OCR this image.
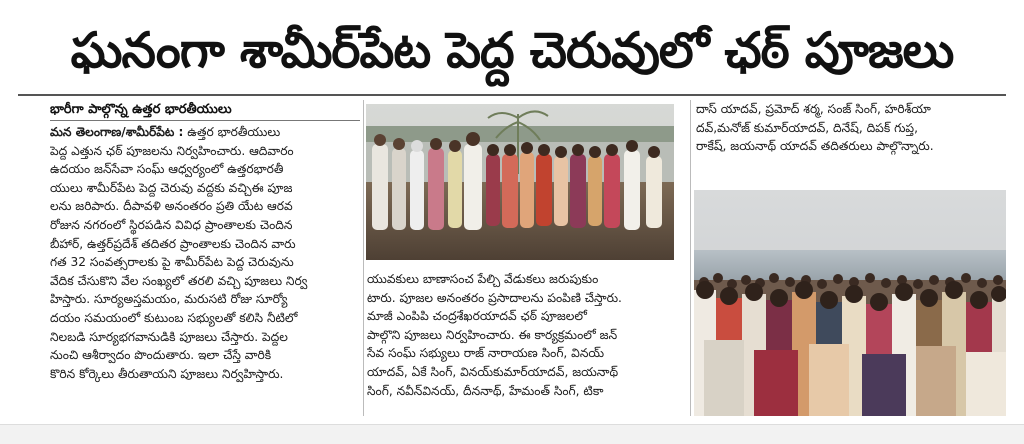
ఘనంగా శామీర్‌పేట పెద్ద చెరువులో ఛఠ్ పూజలు
భారీగా పాల్గొన్న ఉత్తర భారతీయులు

మన తెలంగాణ/శామీర్‌పేట : ఉత్తర భారతీయులు

పెద్ద ఎత్తున ఛఠ్ పూజలను నిర్వహించారు. ఆదివారం

ఉదయం జన్‌సేవా సంఘ్ ఆధ్వర్యంలో ఉత్తరభారతీ

యులు శామీర్‌పేట పెద్ద చెరువు వద్దకు వచ్చి‌ఈ పూజ

లను జరిపారు. దీపావళి అనంతరం ప్రతి యేట ఆరవ

రోజున నగరంలో స్థిరపడిన వివిధ ప్రాంతాలకు చెందిన

బీహార్, ఉత్తర్‌ప్రదేశ్ తదితర ప్రాంతాలకు చెందిన వారు

గత 32 సంవత్సరాలకు పై శామీర్‌పేట పెద్ద చెరువును

వేదిక చేసుకొని వేల సంఖ్యలో తరలి వచ్చి పూజలు నిర్వ

హిస్తారు. సూర్యఅస్తమయం, మరుసటి రోజు సూర్యో

దయం సమయంలో కుటుంబ సభ్యులతో కలిసి నీటిలో

నిలబడి సూర్యభగవానుడికి పూజలు చేస్తారు. పెద్దల

నుంచి ఆశీర్వాదం పొందుతారు. ఇలా చేస్తే వారికి

కొరిన కోర్కెలు తీరుతాయని పూజలు నిర్వహిస్తారు.

యువకులు బాణాసంచ పేల్చి వేడుకలు జరుపుకుం

టారు. పూజల అనంతరం ప్రసాదాలను పంపిణి చేస్తారు.

మాజీ ఎంపిపి చంద్రశేఖరయాదవ్ ఛఠ్ పూజలలో

పాల్గొని పూజలు నిర్వహించారు. ఈ కార్యక్రమంలో జన్

సేవ సంఘ్ సభ్యులు రాజ్ నారాయణ సింగ్, వినయ్

యాదవ్, ఏకే సింగ్, వినయ్‌కుమార్‌యాదవ్, జయనాథ్

సింగ్, నవీన్‌వినయ్, దీననాథ్, హేమంత్ సింగ్, టికా

దాస్ యాదవ్, ప్రమోద్ శర్మ, సంజ్ సింగ్, హరిశ్‌యా

దవ్,మనోజ్ కుమార్‌యాదవ్, దినేష్, దిపక్ గుప్త,

రాకేష్, జయనాథ్ యాదవ్ తదితరులు పాల్గొన్నారు.
